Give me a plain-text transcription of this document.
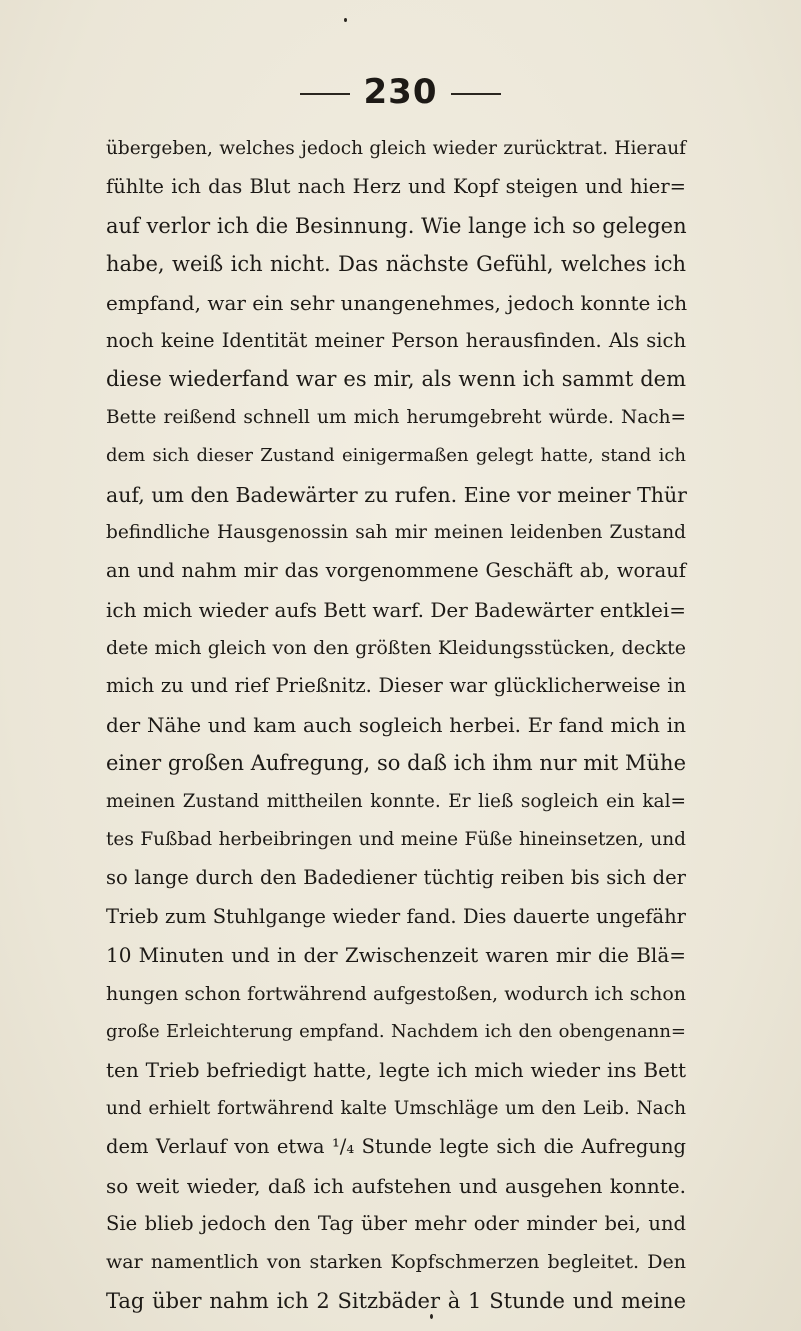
230
übergeben, welches jedoch gleich wieder zurücktrat. Hierauf
fühlte ich das Blut nach Herz und Kopf steigen und hier=
auf verlor ich die Besinnung. Wie lange ich so gelegen
habe, weiß ich nicht. Das nächste Gefühl, welches ich
empfand, war ein sehr unangenehmes, jedoch konnte ich
noch keine Identität meiner Person herausfinden. Als sich
diese wiederfand war es mir, als wenn ich sammt dem
Bette reißend schnell um mich herumgebreht würde. Nach=
dem sich dieser Zustand einigermaßen gelegt hatte, stand ich
auf, um den Badewärter zu rufen. Eine vor meiner Thür
befindliche Hausgenossin sah mir meinen leidenben Zustand
an und nahm mir das vorgenommene Geschäft ab, worauf
ich mich wieder aufs Bett warf. Der Badewärter entklei=
dete mich gleich von den größten Kleidungsstücken, deckte
mich zu und rief Prießnitz. Dieser war glücklicherweise in
der Nähe und kam auch sogleich herbei. Er fand mich in
einer großen Aufregung, so daß ich ihm nur mit Mühe
meinen Zustand mittheilen konnte. Er ließ sogleich ein kal=
tes Fußbad herbeibringen und meine Füße hineinsetzen, und
so lange durch den Badediener tüchtig reiben bis sich der
Trieb zum Stuhlgange wieder fand. Dies dauerte ungefähr
10 Minuten und in der Zwischenzeit waren mir die Blä=
hungen schon fortwährend aufgestoßen, wodurch ich schon
große Erleichterung empfand. Nachdem ich den obengenann=
ten Trieb befriedigt hatte, legte ich mich wieder ins Bett
und erhielt fortwährend kalte Umschläge um den Leib. Nach
dem Verlauf von etwa ¹/₄ Stunde legte sich die Aufregung
so weit wieder, daß ich aufstehen und ausgehen konnte.
Sie blieb jedoch den Tag über mehr oder minder bei, und
war namentlich von starken Kopfschmerzen begleitet. Den
Tag über nahm ich 2 Sitzbäder à 1 Stunde und meine
